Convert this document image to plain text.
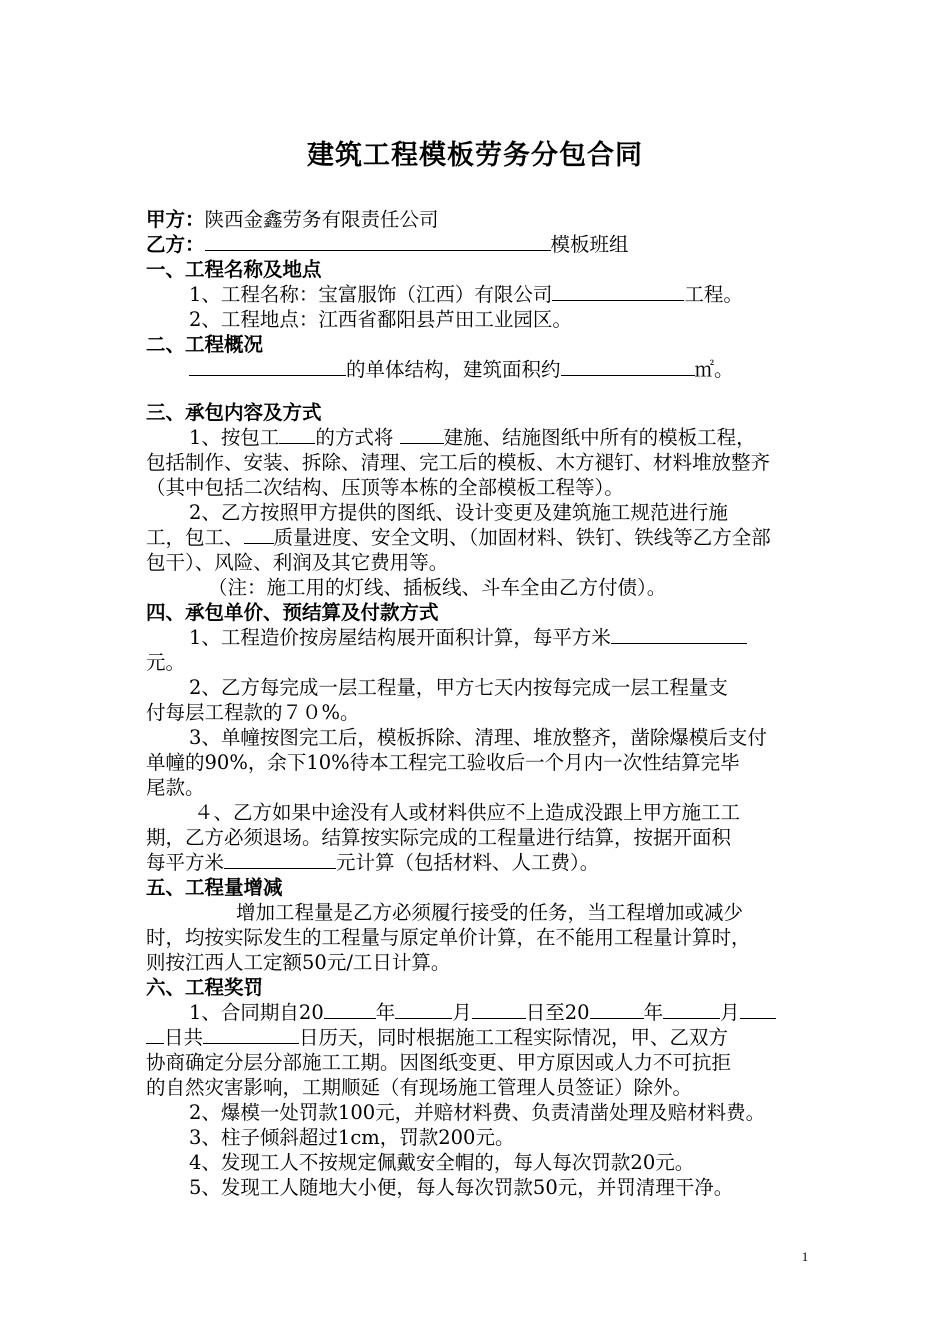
建筑工程模板劳务分包合同
甲方：陕西金鑫劳务有限责任公司
乙方：	模板班组
一、工程名称及地点
1、工程名称：宝富服饰（江西）有限公司	工程。
2、工程地点：江西省鄱阳县芦田工业园区。
二、工程概况
的单体结构，建筑面积约	㎡。
三、承包内容及方式
1、按包工 的方式将	建施、结施图纸中所有的模板工程，
包括制作、安装、拆除、清理、完工后的模板、木方褪钉、材料堆放整齐
（其中包括二次结构、压顶等本栋的全部模板工程等）。
2、乙方按照甲方提供的图纸、设计变更及建筑施工规范进行施
工，包工、 质量进度、安全文明、（加固材料、铁钉、铁线等乙方全部
包干）、风险、利润及其它费用等。
（注：施工用的灯线、插板线、斗车全由乙方付债）。
四、承包单价、预结算及付款方式
1、工程造价按房屋结构展开面积计算，每平方米
元。
2、乙方每完成一层工程量，甲方七天内按每完成一层工程量支
付每层工程款的７０%。
3、单幢按图完工后，模板拆除、清理、堆放整齐，凿除爆模后支付
单幢的90%，余下10%待本工程完工验收后一个月内一次性结算完毕
尾款。
４、乙方如果中途没有人或材料供应不上造成没跟上甲方施工工
期，乙方必须退场。结算按实际完成的工程量进行结算，按据开面积
每平方米	元计算（包括材料、人工费）。
五、工程量增减
增加工程量是乙方必须履行接受的任务，当工程增加或减少
时，均按实际发生的工程量与原定单价计算，在不能用工程量计算时，
则按江西人工定额50元/工日计算。
六、工程奖罚
1、合同期自20	年	月	日至20	年	月
日共	日历天，同时根据施工工程实际情况，甲、乙双方
协商确定分层分部施工工期。因图纸变更、甲方原因或人力不可抗拒
的自然灾害影响，工期顺延（有现场施工管理人员签证）除外。
2、爆模一处罚款100元，并赔材料费、负责清凿处理及赔材料费。
3、柱子倾斜超过1cm，罚款200元。
4、发现工人不按规定佩戴安全帽的，每人每次罚款20元。
5、发现工人随地大小便，每人每次罚款50元，并罚清理干净。
1
